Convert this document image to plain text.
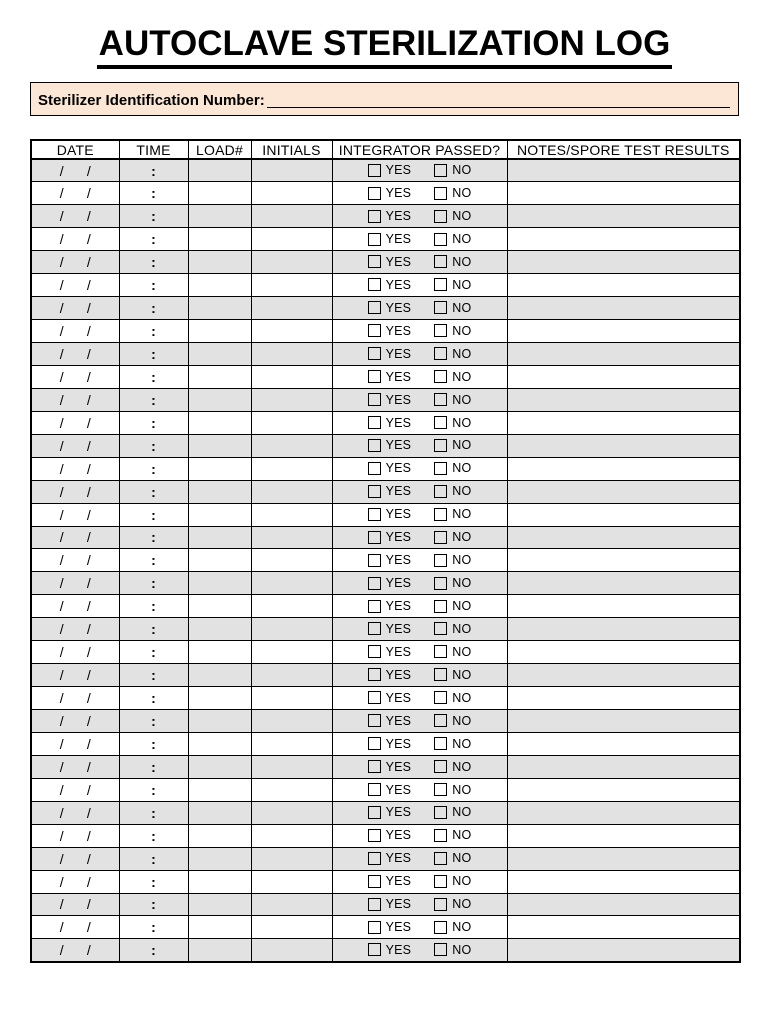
AUTOCLAVE STERILIZATION LOG
Sterilizer Identification Number:
DATE	TIME	LOAD#	INITIALS	INTEGRATOR PASSED?	NOTES/SPORE TEST RESULTS
/      /	:			YES NO	

/      /	:			YES NO	

/      /	:			YES NO	

/      /	:			YES NO	

/      /	:			YES NO	

/      /	:			YES NO	

/      /	:			YES NO	

/      /	:			YES NO	

/      /	:			YES NO	

/      /	:			YES NO	

/      /	:			YES NO	

/      /	:			YES NO	

/      /	:			YES NO	

/      /	:			YES NO	

/      /	:			YES NO	

/      /	:			YES NO	

/      /	:			YES NO	

/      /	:			YES NO	

/      /	:			YES NO	

/      /	:			YES NO	

/      /	:			YES NO	

/      /	:			YES NO	

/      /	:			YES NO	

/      /	:			YES NO	

/      /	:			YES NO	

/      /	:			YES NO	

/      /	:			YES NO	

/      /	:			YES NO	

/      /	:			YES NO	

/      /	:			YES NO	

/      /	:			YES NO	

/      /	:			YES NO	

/      /	:			YES NO	

/      /	:			YES NO	

/      /	:			YES NO	
